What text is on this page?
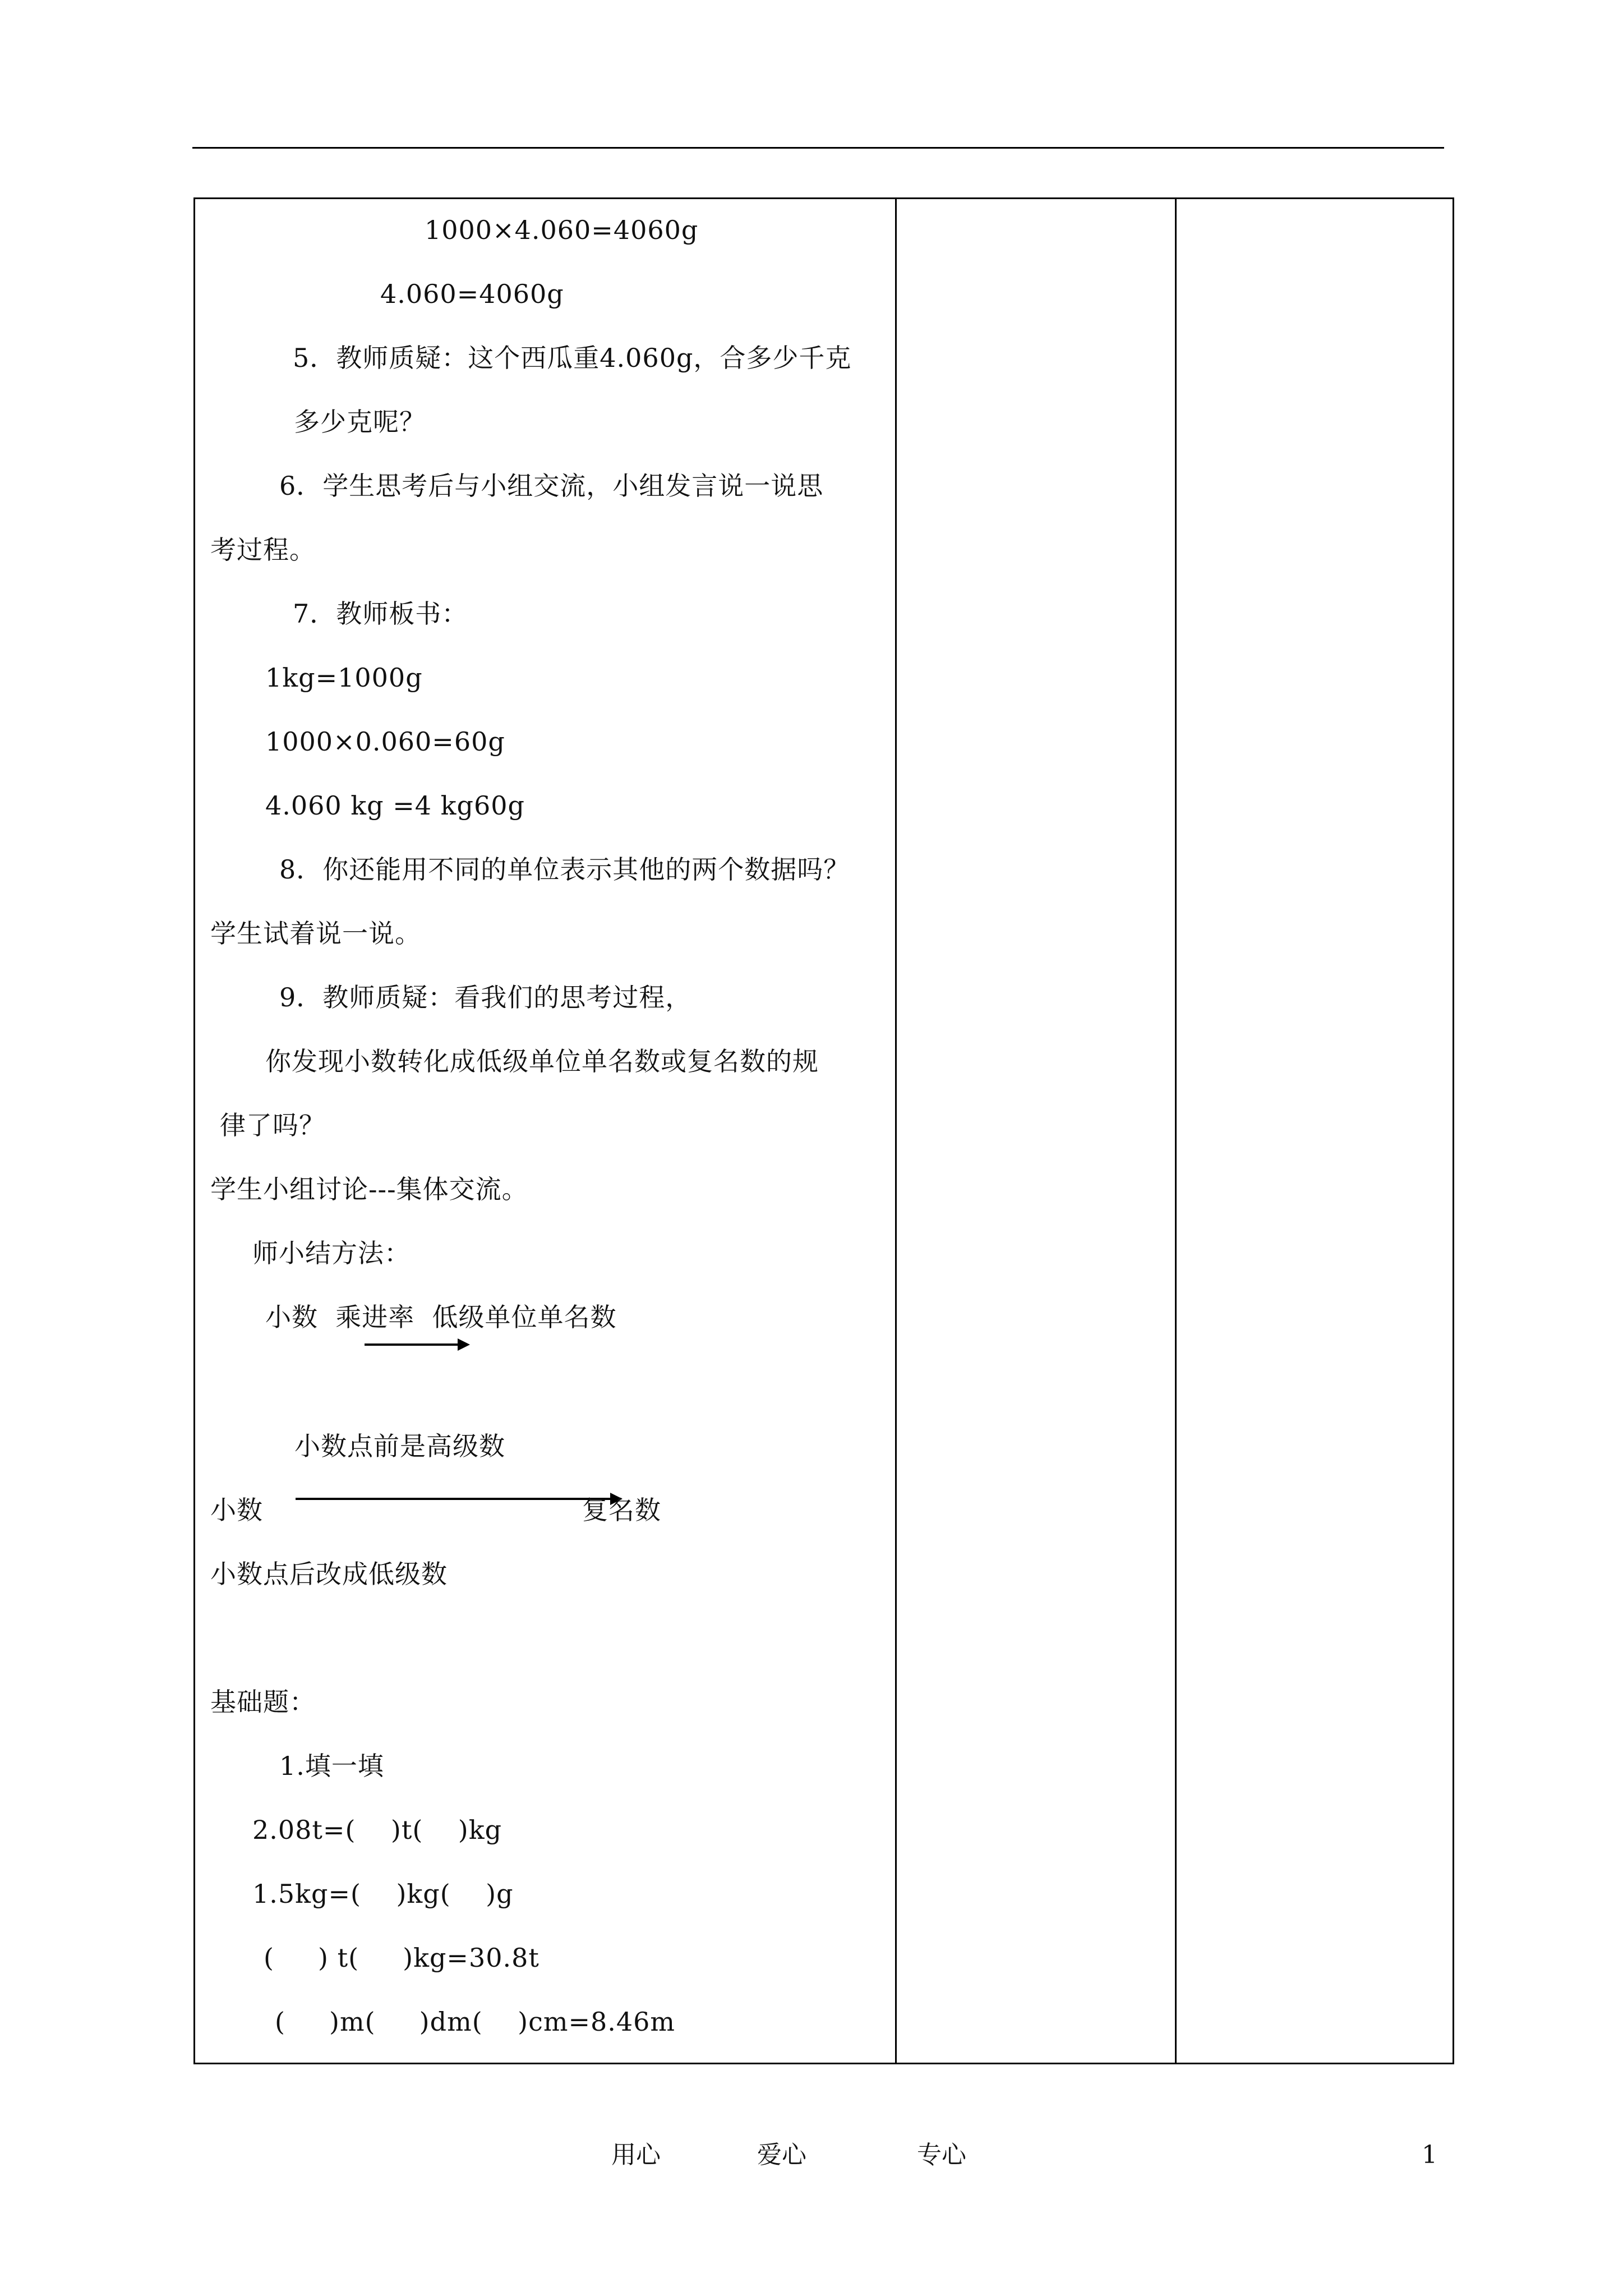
1000×4.060=4060g
4.060=4060g
5．教师质疑：这个西瓜重4.060g，合多少千克
多少克呢？
6．学生思考后与小组交流，小组发言说一说思
考过程。
7．教师板书：
1kg=1000g
1000×0.060=60g
4.060 kg =4 kg60g
8．你还能用不同的单位表示其他的两个数据吗？
学生试着说一说。
9．教师质疑：看我们的思考过程，
你发现小数转化成低级单位单名数或复名数的规
律了吗？
学生小组讨论---集体交流。
师小结方法：
小数  乘进率  低级单位单名数
小数点前是高级数
小数	复名数
小数点后改成低级数
基础题：
1.填一填
2.08t=(    )t(    )kg
1.5kg=(    )kg(    )g
(     ) t(     )kg=30.8t
(     )m(     )dm(    )cm=8.46m
用心	爱心	专心	1
